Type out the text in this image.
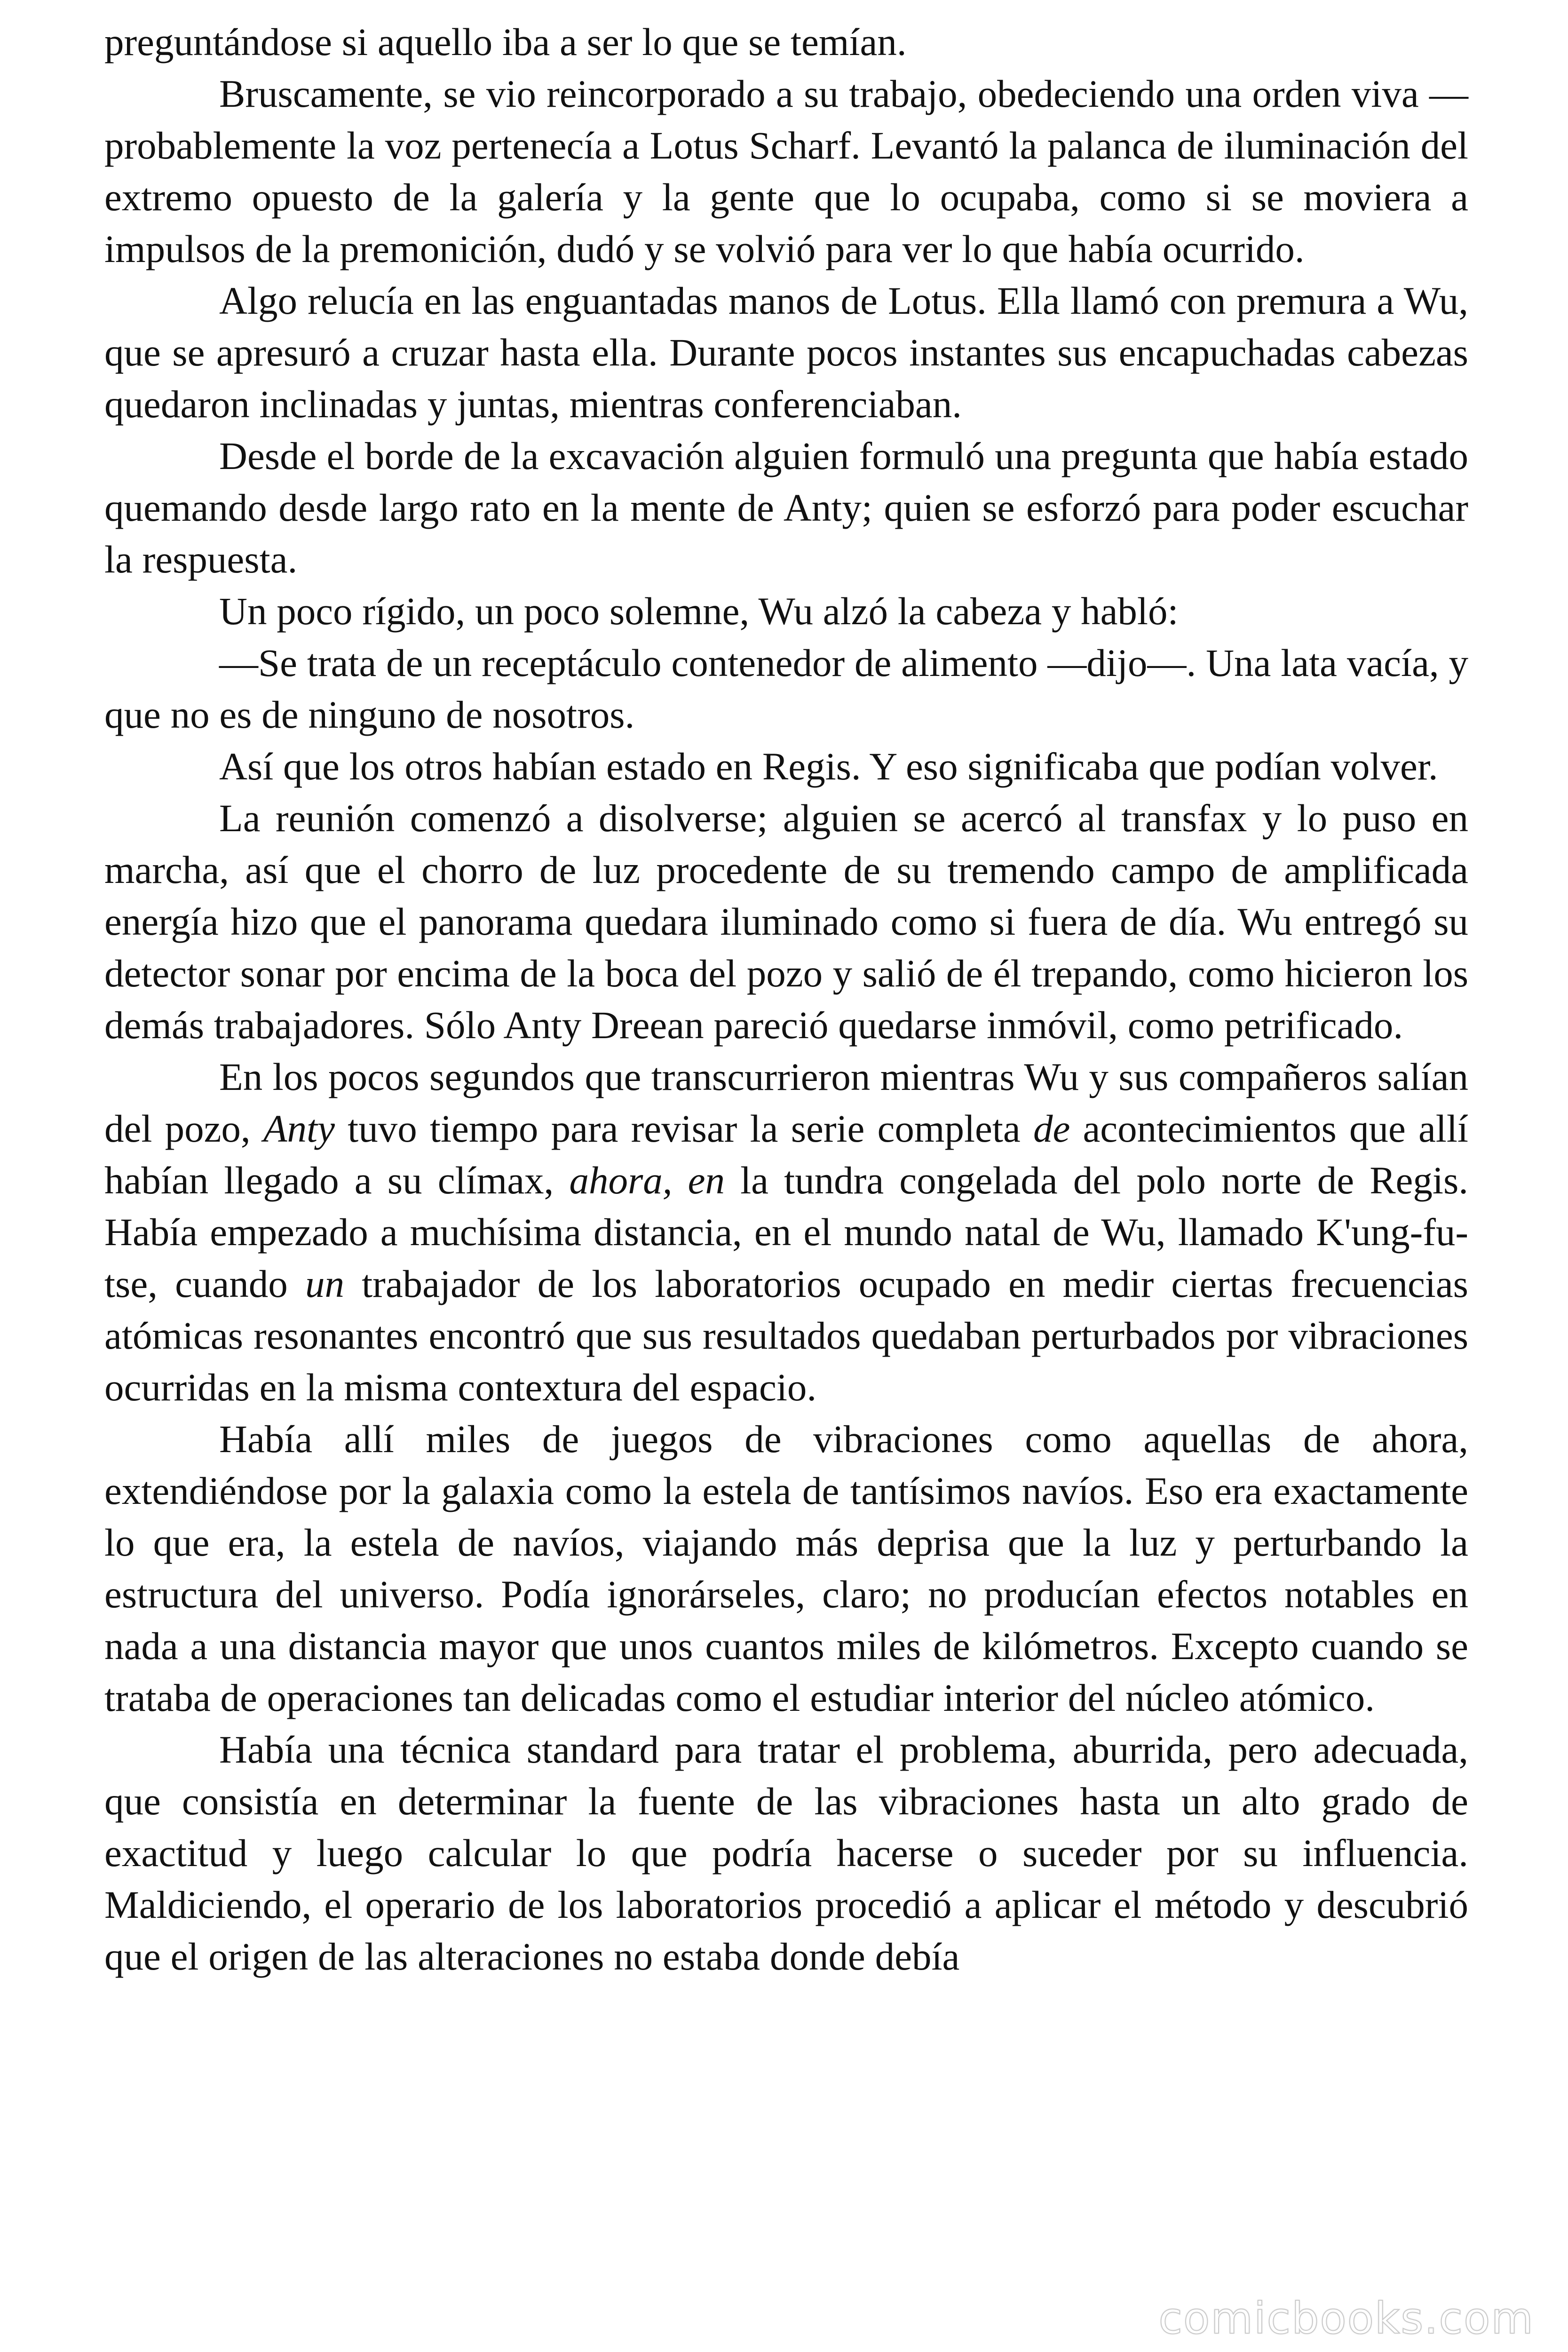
preguntándose si aquello iba a ser lo que se temían.

Bruscamente, se vio reincorporado a su trabajo, obedeciendo una orden viva —probablemente la voz pertenecía a Lotus Scharf. Levantó la palanca de iluminación del extremo opuesto de la galería y la gente que lo ocupaba, como si se moviera a impulsos de la premonición, dudó y se volvió para ver lo que había ocurrido.

Algo relucía en las enguantadas manos de Lotus. Ella llamó con premura a Wu, que se apresuró a cruzar hasta ella. Durante pocos instantes sus encapuchadas cabezas quedaron inclinadas y juntas, mientras conferenciaban.

Desde el borde de la excavación alguien formuló una pregunta que había estado quemando desde largo rato en la mente de Anty; quien se esforzó para poder escuchar la respuesta.

Un poco rígido, un poco solemne, Wu alzó la cabeza y habló:

—Se trata de un receptáculo contenedor de alimento —dijo—. Una lata vacía, y que no es de ninguno de nosotros.

Así que los otros habían estado en Regis. Y eso significaba que podían volver.

La reunión comenzó a disolverse; alguien se acercó al transfax y lo puso en marcha, así que el chorro de luz procedente de su tremendo campo de amplificada energía hizo que el panorama quedara iluminado como si fuera de día. Wu entregó su detector sonar por encima de la boca del pozo y salió de él trepando, como hicieron los demás trabajadores. Sólo Anty Dreean pareció quedarse inmóvil, como petrificado.

En los pocos segundos que transcurrieron mientras Wu y sus compañeros salían del pozo, Anty tuvo tiempo para revisar la serie completa de acontecimientos que allí habían llegado a su clímax, ahora, en la tundra congelada del polo norte de Regis. Había empezado a muchísima distancia, en el mundo natal de Wu, llamado K'ung-fu-tse, cuando un trabajador de los laboratorios ocupado en medir ciertas frecuencias atómicas resonantes encontró que sus resultados quedaban perturbados por vibraciones ocurridas en la misma contextura del espacio.

Había allí miles de juegos de vibraciones como aquellas de ahora, extendiéndose por la galaxia como la estela de tantísimos navíos. Eso era exactamente lo que era, la estela de navíos, viajando más deprisa que la luz y perturbando la estructura del universo. Podía ignorárseles, claro; no producían efectos notables en nada a una distancia mayor que unos cuantos miles de kilómetros. Excepto cuando se trataba de operaciones tan delicadas como el estudiar interior del núcleo atómico.

Había una técnica standard para tratar el problema, aburrida, pero adecuada, que consistía en determinar la fuente de las vibraciones hasta un alto grado de exactitud y luego calcular lo que podría hacerse o suceder por su influencia. Maldiciendo, el operario de los laboratorios procedió a aplicar el método y descubrió que el origen de las alteraciones no estaba donde debía

comicbooks.com
